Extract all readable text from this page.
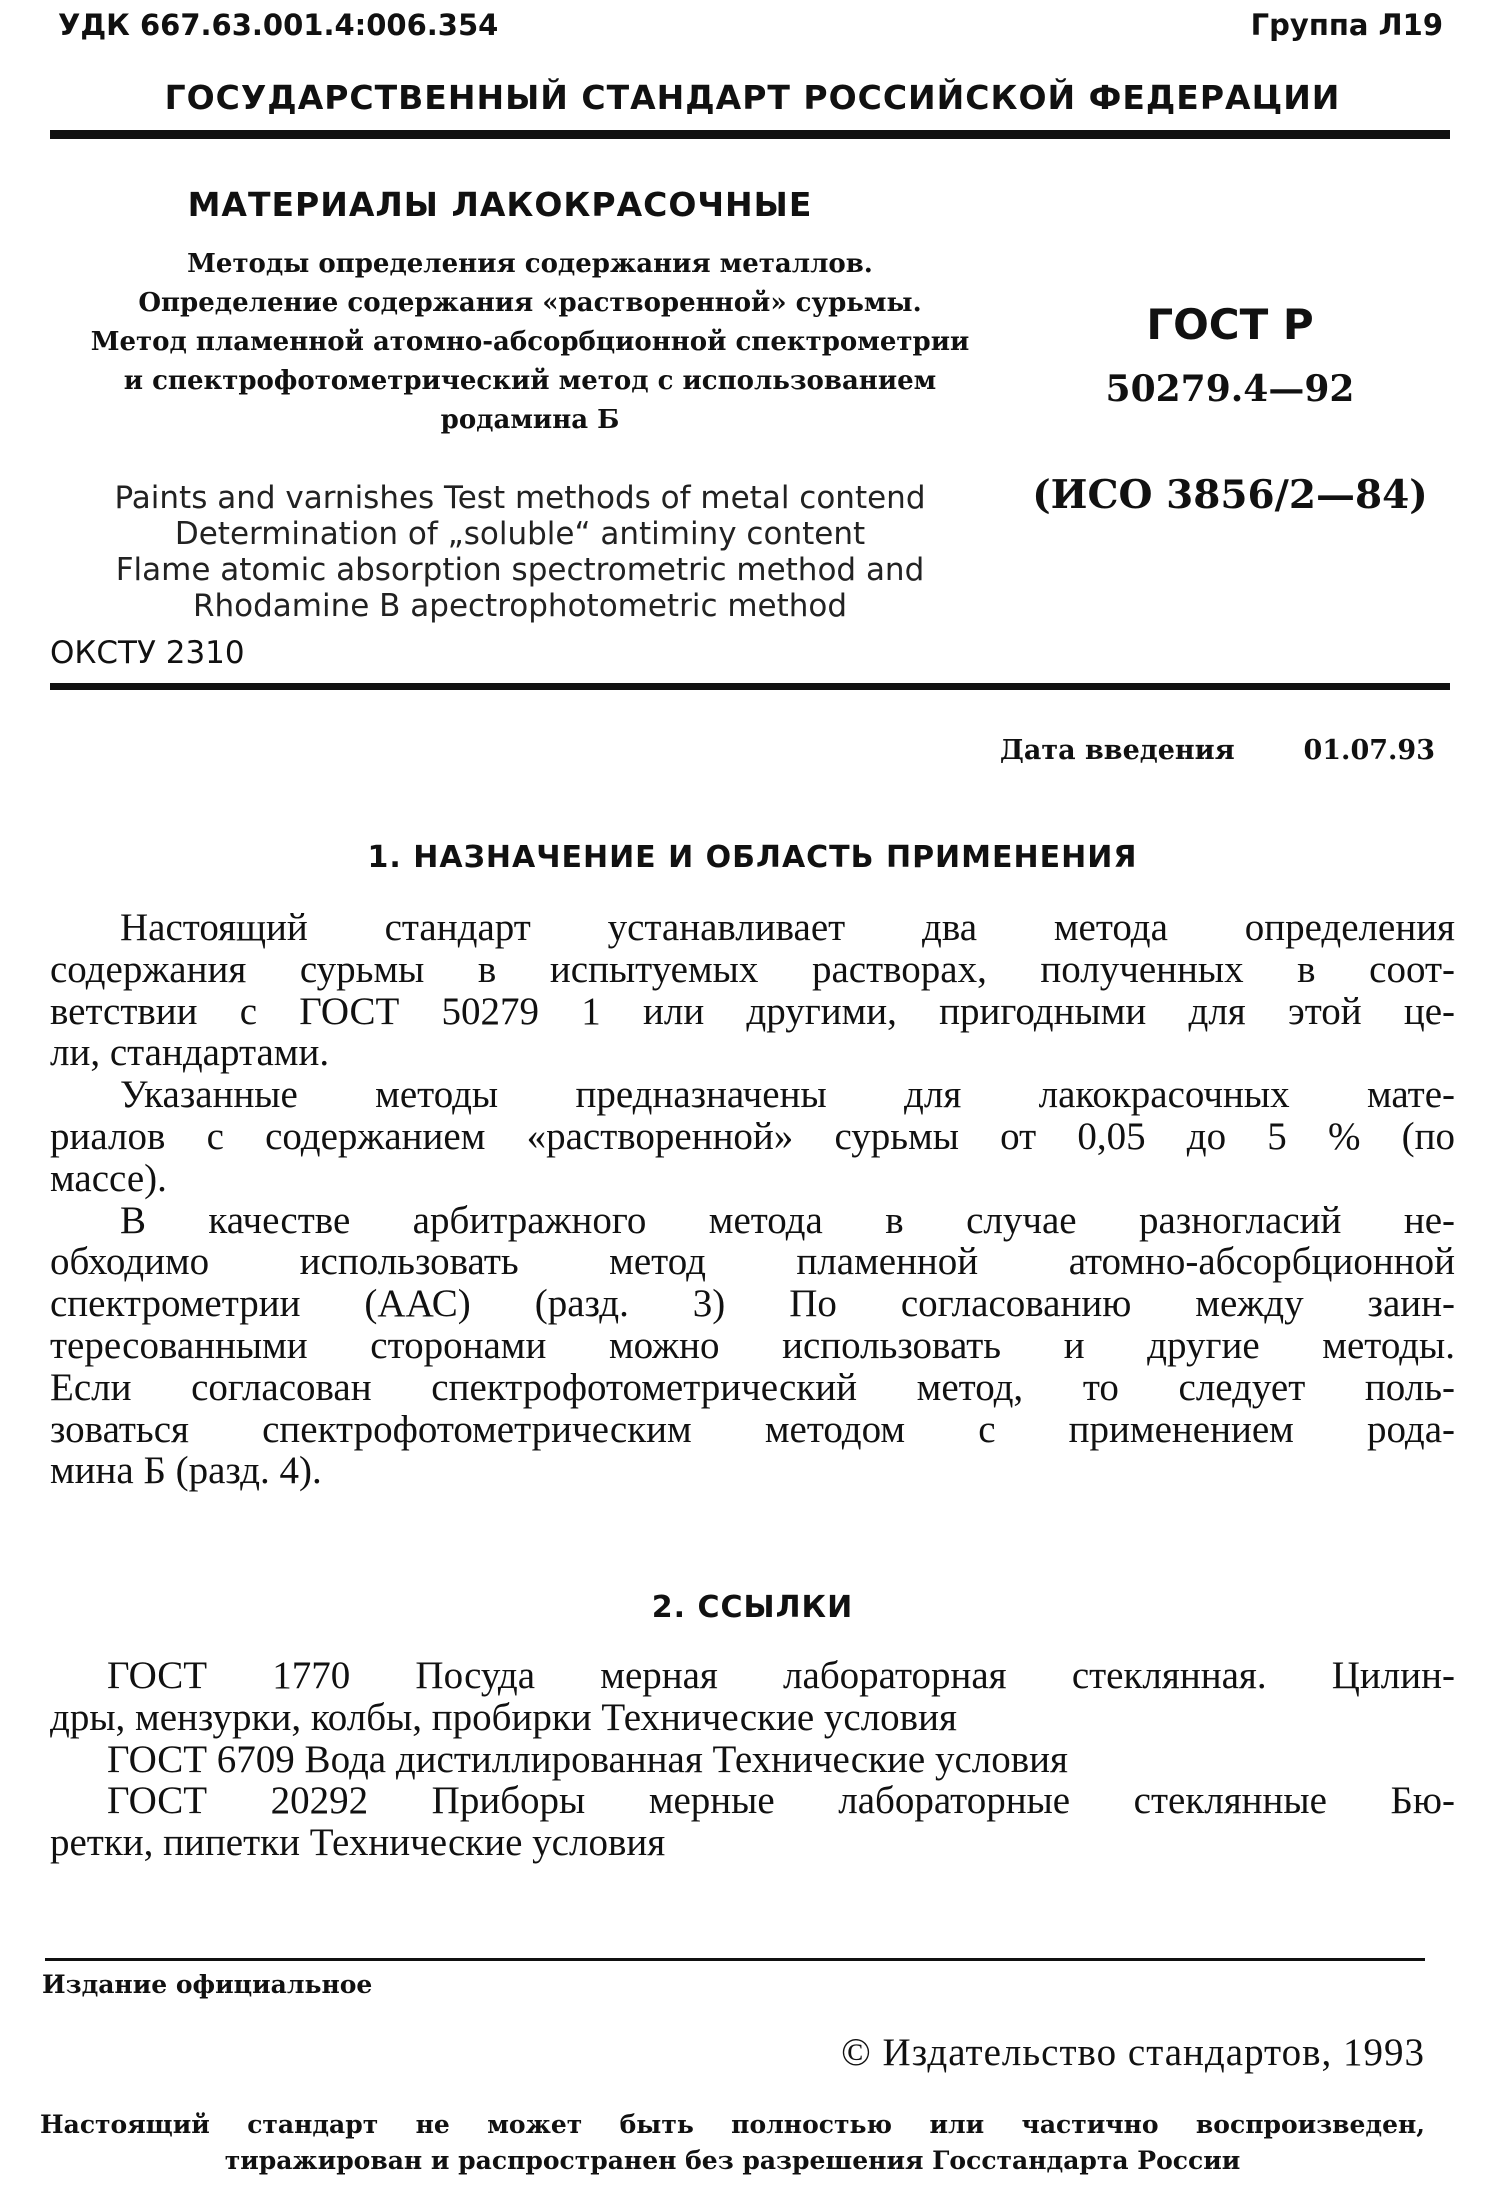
УДК 667.63.001.4:006.354	Группа Л19
ГОСУДАРСТВЕННЫЙ СТАНДАРТ РОССИЙСКОЙ ФЕДЕРАЦИИ
МАТЕРИАЛЫ ЛАКОКРАСОЧНЫЕ
Методы определения содержания металлов.
Определение содержания «растворенной» сурьмы.
Метод пламенной атомно-абсорбционной спектрометрии
и спектрофотометрический метод с использованием
родамина Б
Paints and varnishes Test methods of metal contend
Determination of „soluble“ antiminy content
Flame atomic absorption spectrometric method and
Rhodamine B apectrophotometric method
ОКСТУ 2310
ГОСТ Р
50279.4—92
(ИСО 3856/2—84)
Дата введения	01.07.93
1. НАЗНАЧЕНИЕ И ОБЛАСТЬ ПРИМЕНЕНИЯ
Настоящий стандарт устанавливает два метода определения
содержания сурьмы в испытуемых растворах, полученных в соот-
ветствии с ГОСТ 50279 1 или другими, пригодными для этой це-
ли, стандартами.
Указанные методы предназначены для лакокрасочных мате-
риалов с содержанием «растворенной» сурьмы от 0,05 до 5 % (по
массе).
В качестве арбитражного метода в случае разногласий не-
обходимо использовать метод пламенной атомно-абсорбционной
спектрометрии (ААС) (разд. 3) По согласованию между заин-
тересованными сторонами можно использовать и другие методы.
Если согласован спектрофотометрический метод, то следует поль-
зоваться спектрофотометрическим методом с применением рода-
мина Б (разд. 4).
2. ССЫЛКИ
ГОСТ 1770 Посуда мерная лабораторная стеклянная. Цилин-
дры, мензурки, колбы, пробирки Технические условия
ГОСТ 6709 Вода дистиллированная Технические условия
ГОСТ 20292 Приборы мерные лабораторные стеклянные Бю-
ретки, пипетки Технические условия
Издание официальное
© Издательство стандартов, 1993
Настоящий стандарт не может быть полностью или частично воспроизведен,
тиражирован и распространен без разрешения Госстандарта России
